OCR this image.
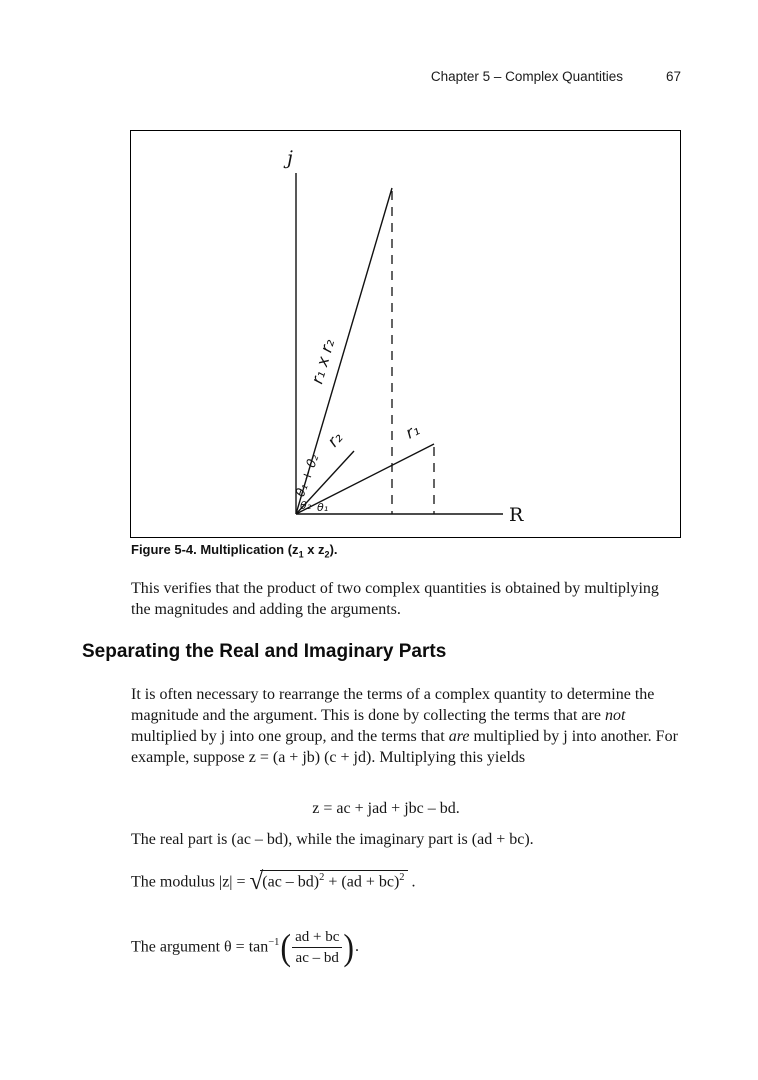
Chapter 5 – Complex Quantities	67
j
R
r₁ x r₂
r₁
r₂
θ₁ + θ₂
θ₂ θ₁
Figure 5-4. Multiplication ($z_1$ x $z_2$).
This verifies that the product of two complex quantities is obtained by multiplying the magnitudes and adding the arguments.
Separating the Real and Imaginary Parts
It is often necessary to rearrange the terms of a complex quantity to determine the magnitude and the argument. This is done by collecting the terms that are not multiplied by j into one group, and the terms that are multiplied by j into another. For example, suppose z = (a + jb) (c + jd). Multiplying this yields
z = ac + jad + jbc – bd.
The real part is (ac – bd), while the imaginary part is (ad + bc).
The modulus |z| = √(ac – bd)$^2$ + (ad + bc)$^2$ .
The argument $\theta = \tan^{-1}$ ( $\frac{ad + bc}{ac - bd}$ ) .
